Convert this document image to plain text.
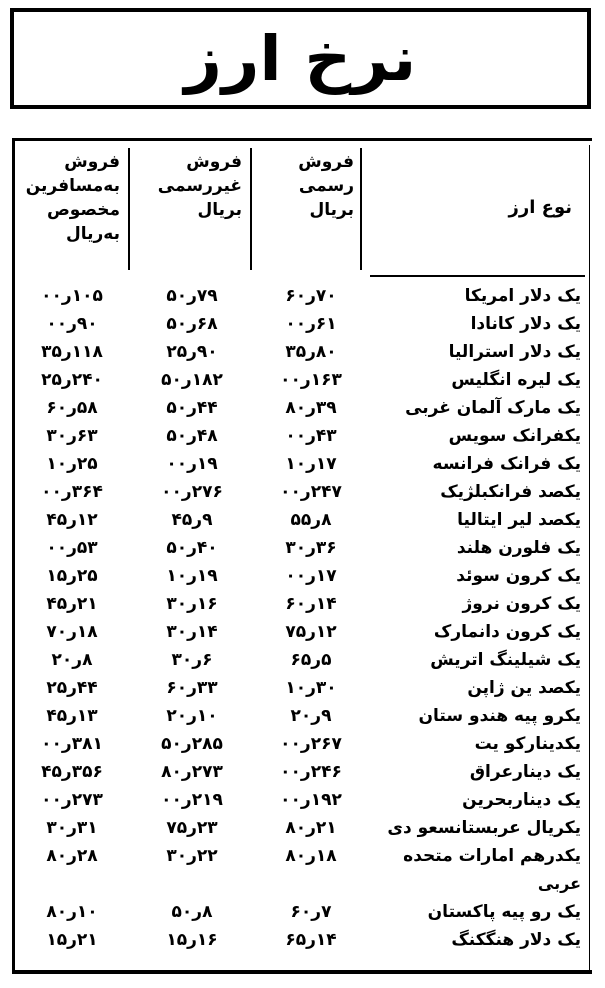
نرخ ارز
نوع ارز
فروش
رسمی
بریال
فروش
غیررسمی
بریال
فروش
به‌مسافرین
مخصوص
به‌ریال
یک دلار امریکا
۷۰ر۶۰
۷۹ر۵۰
۱۰۵ر۰۰
یک دلار کانادا
۶۱ر۰۰
۶۸ر۵۰
۹۰ر۰۰
یک دلار استرالیا
۸۰ر۳۵
۹۰ر۲۵
۱۱۸ر۳۵
یک لیره انگلیس
۱۶۳ر۰۰
۱۸۲ر۵۰
۲۴۰ر۲۵
یک مارک آلمان غربی
۳۹ر۸۰
۴۴ر۵۰
۵۸ر۶۰
یکفرانک سویس
۴۳ر۰۰
۴۸ر۵۰
۶۳ر۳۰
یک فرانک فرانسه
۱۷ر۱۰
۱۹ر۰۰
۲۵ر۱۰
یکصد فرانکبلژیک
۲۴۷ر۰۰
۲۷۶ر۰۰
۳۶۴ر۰۰
یکصد لیر ایتالیا
۸ر۵۵
۹ر۴۵
۱۲ر۴۵
یک فلورن هلند
۳۶ر۳۰
۴۰ر۵۰
۵۳ر۰۰
یک کرون سوئد
۱۷ر۰۰
۱۹ر۱۰
۲۵ر۱۵
یک کرون نروژ
۱۴ر۶۰
۱۶ر۳۰
۲۱ر۴۵
یک کرون دانمارک
۱۲ر۷۵
۱۴ر۳۰
۱۸ر۷۰
یک شیلینگ اتریش
۵ر۶۵
۶ر۳۰
۸ر۲۰
یکصد ین ژاپن
۳۰ر۱۰
۳۳ر۶۰
۴۴ر۲۵
یکرو پیه هندو ستان
۹ر۲۰
۱۰ر۲۰
۱۳ر۴۵
یکدینارکو یت
۲۶۷ر۰۰
۲۸۵ر۵۰
۳۸۱ر۰۰
یک دینارعراق
۲۴۶ر۰۰
۲۷۳ر۸۰
۳۵۶ر۴۵
یک دیناربحرین
۱۹۲ر۰۰
۲۱۹ر۰۰
۲۷۳ر۰۰
یکریال عربستانسعو دی
۲۱ر۸۰
۲۳ر۷۵
۳۱ر۳۰
یکدرهم امارات متحده
۱۸ر۸۰
۲۲ر۳۰
۲۸ر۸۰
عربی
یک رو پیه پاکستان
۷ر۶۰
۸ر۵۰
۱۰ر۸۰
یک دلار هنگکنگ
۱۴ر۶۵
۱۶ر۱۵
۲۱ر۱۵
